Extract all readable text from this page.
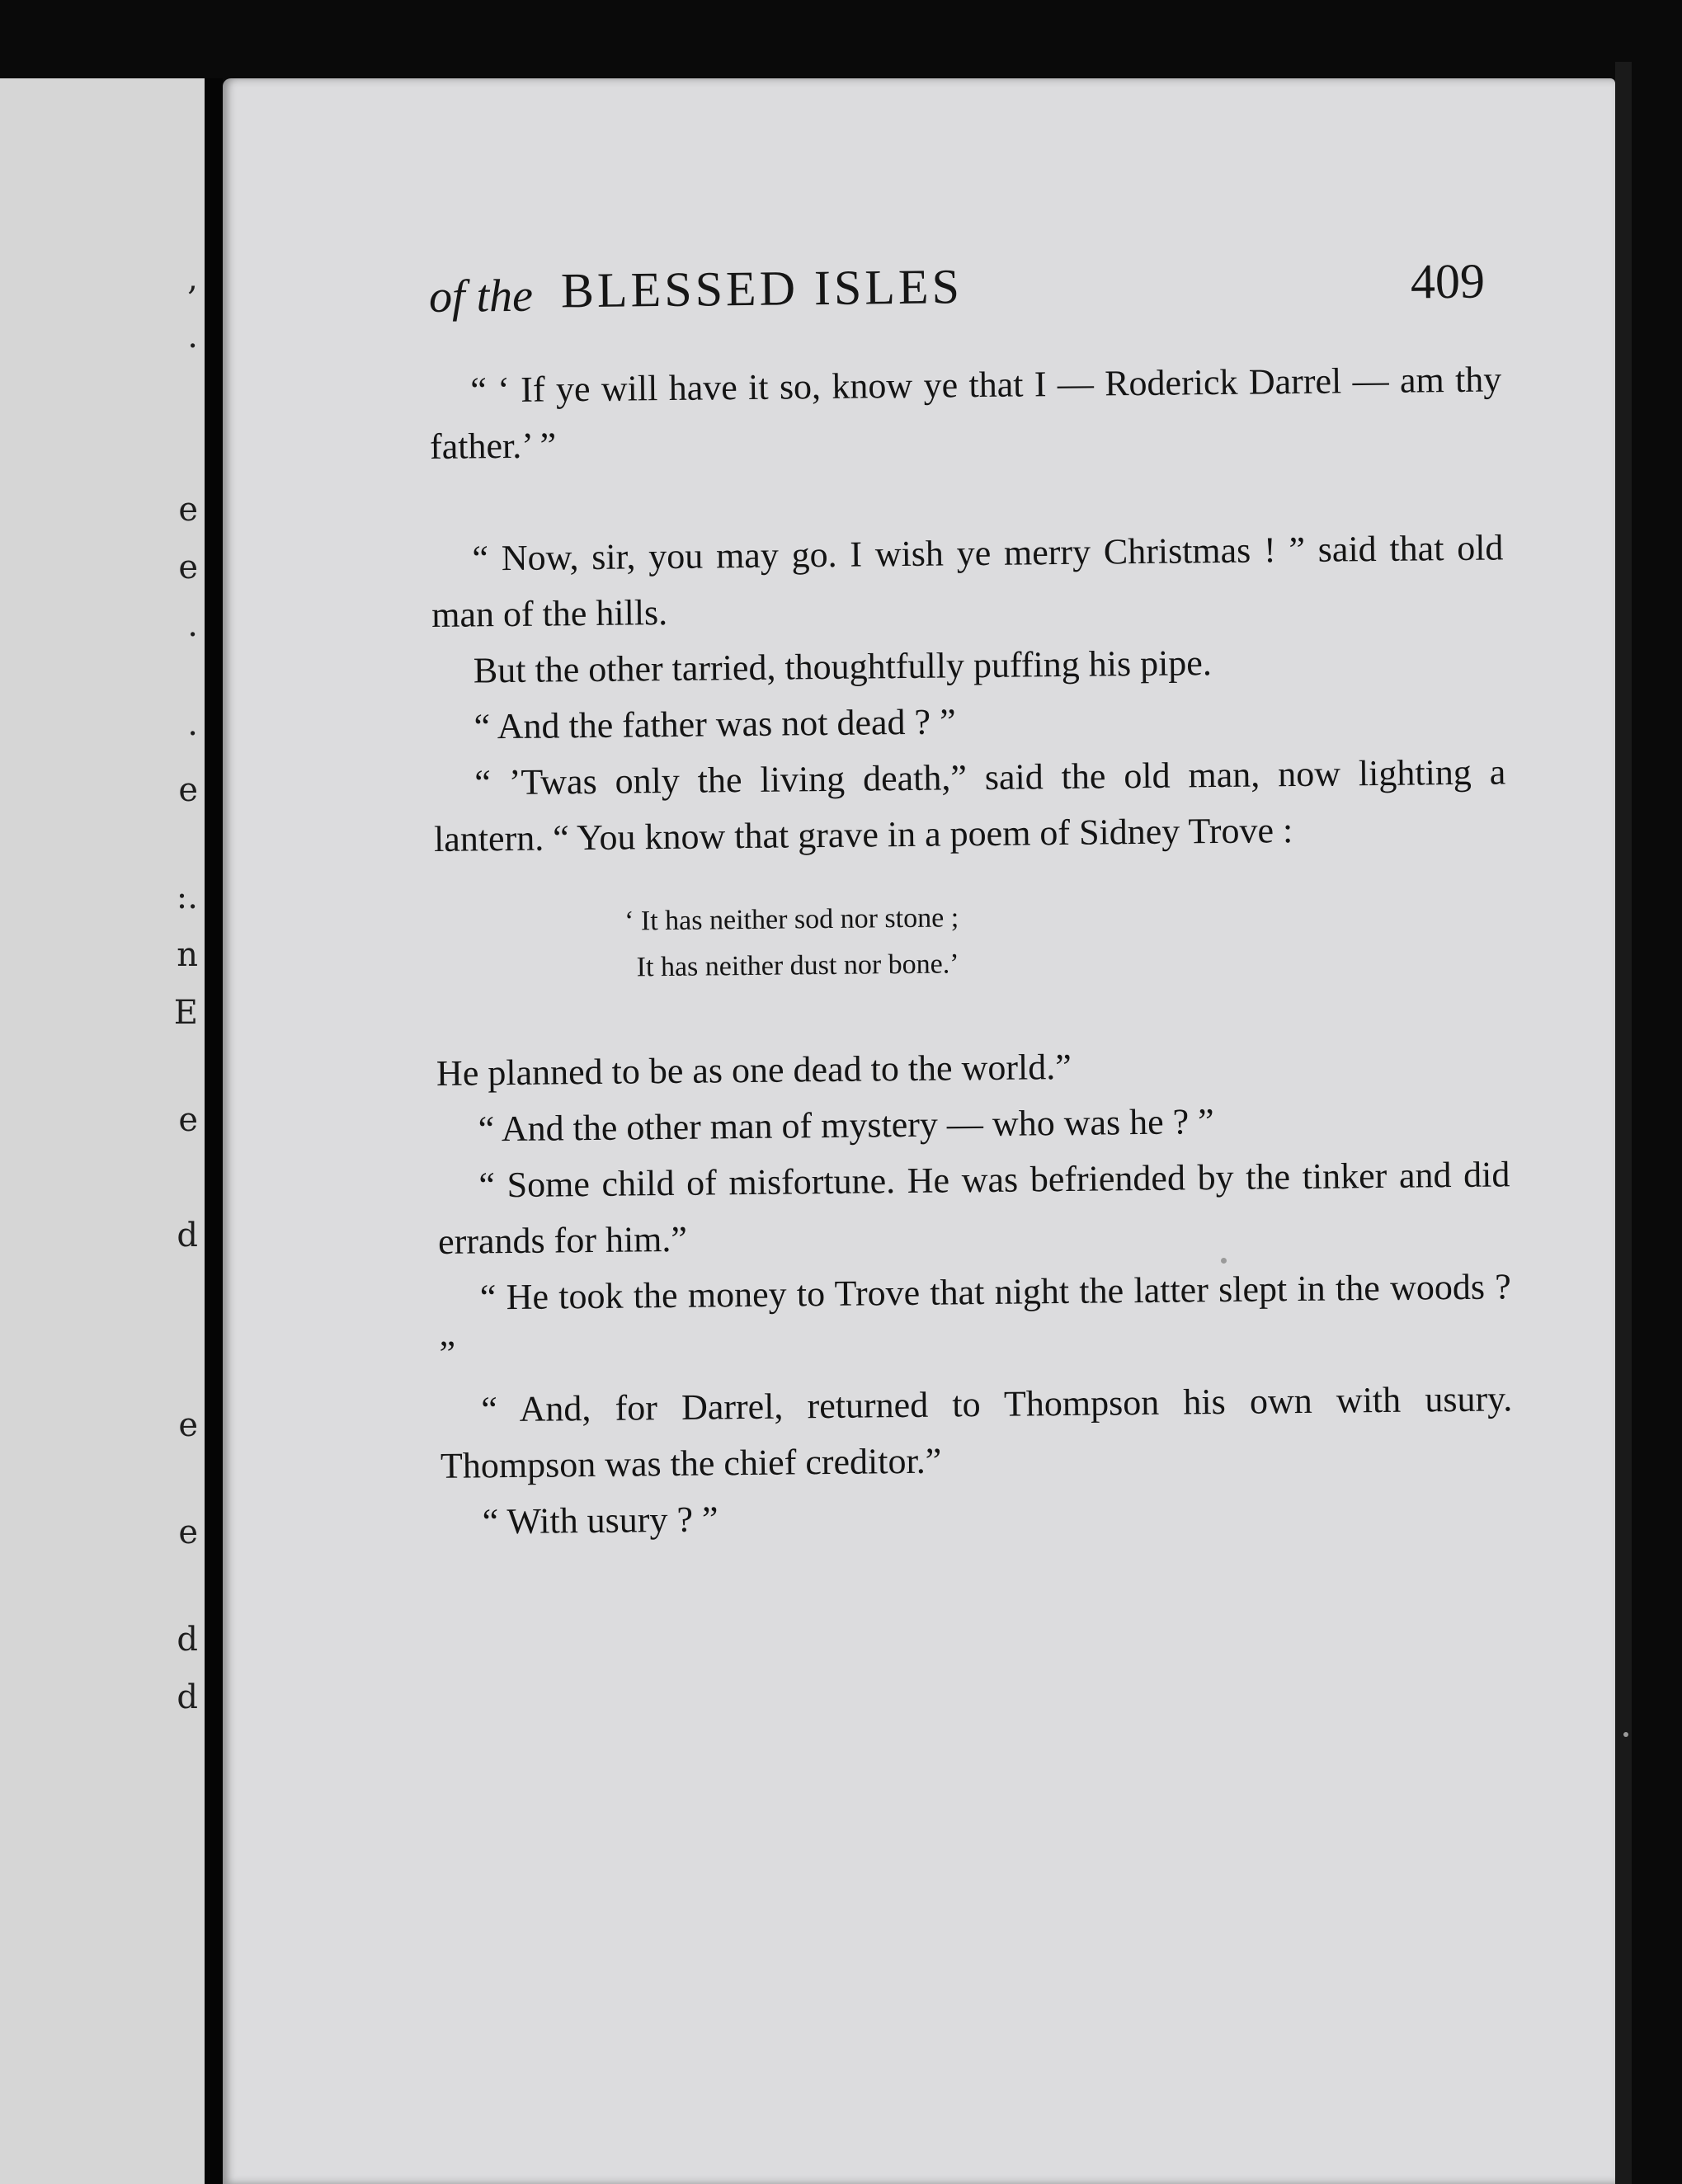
,
.
e
e
.
.
e
:.
n
E
e
d
e
e
d
d
of the BLESSED ISLES	409

“ ‘ If ye will have it so, know ye that I — Roderick Darrel — am thy father.’ ”

“ Now, sir, you may go. I wish ye merry Christmas ! ” said that old man of the hills.

But the other tarried, thoughtfully puffing his pipe.

“ And the father was not dead ? ”

“ ’Twas only the living death,” said the old man, now lighting a lantern. “ You know that grave in a poem of Sidney Trove :

‘ It has neither sod nor stone ;
It has neither dust nor bone.’

He planned to be as one dead to the world.”

“ And the other man of mystery — who was he ? ”

“ Some child of misfortune. He was befriended by the tinker and did errands for him.”

“ He took the money to Trove that night the latter slept in the woods ? ”

“ And, for Darrel, returned to Thompson his own with usury. Thompson was the chief creditor.”

“ With usury ? ”
